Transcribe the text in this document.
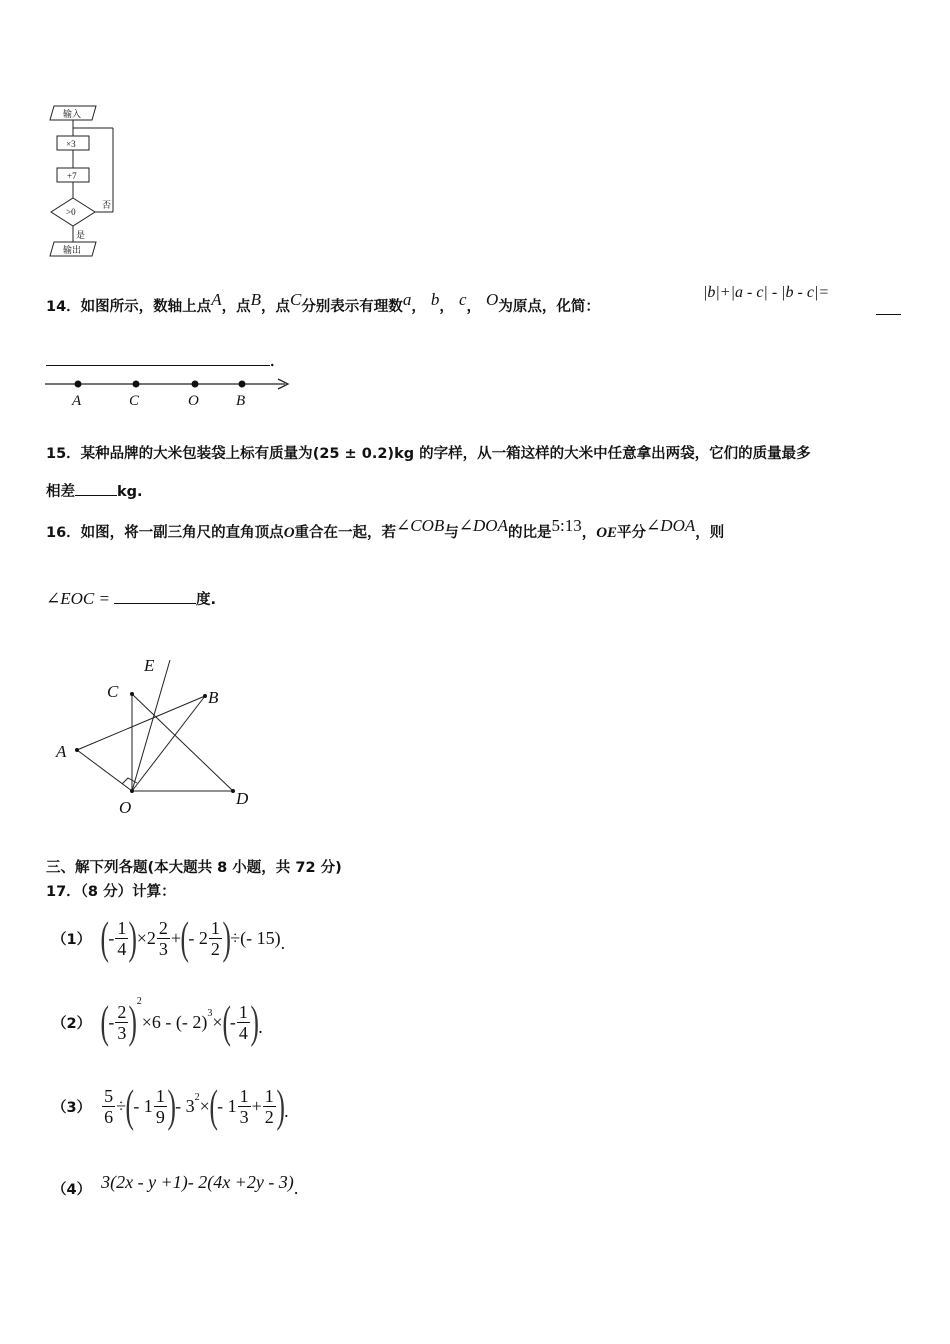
输入
×3
+7
>0
否
是
输出
14．如图所示，数轴上点$^A$，点$^B$，点$^C$分别表示有理数$^a$， $^b$， $^c$， $^O$为原点，化简：
|b|+|a - c| - |b - c|=
．
A	C	O B
15．某种品牌的大米包装袋上标有质量为(25 ± 0.2)kg 的字样，从一箱这样的大米中任意拿出两袋，它们的质量最多
相差	kg.
16．如图，将一副三角尺的直角顶点O重合在一起，若$^{\angle COB}$与$^{\angle DOA}$的比是$^{5:13}$，OE平分$^{\angle DOA}$，则
∠EOC =	度.
E
C	B
A
O	D
三、解下列各题(本大题共 8 小题，共 72 分)
17．（8 分）计算：
（1） ( - $\frac{1}{4}$ ) $\times 2 \frac{2}{3}$ + ( - $2 \frac{1}{2}$ ) ÷(- 15) .
（2） ( - $\frac{2}{3} )^2$
×6 - (- 2)$^3$ × ( - $\frac{1}{4}$ ) .
$(3) \frac{5}{6}$ ÷ ( - $1 \frac{1}{9}$ ) - $3^2$ × ( - $1 \frac{1}{3} + \frac{1}{2}$ ) .
（4） 3(2x - y +1)- 2(4x +2y - 3) .
